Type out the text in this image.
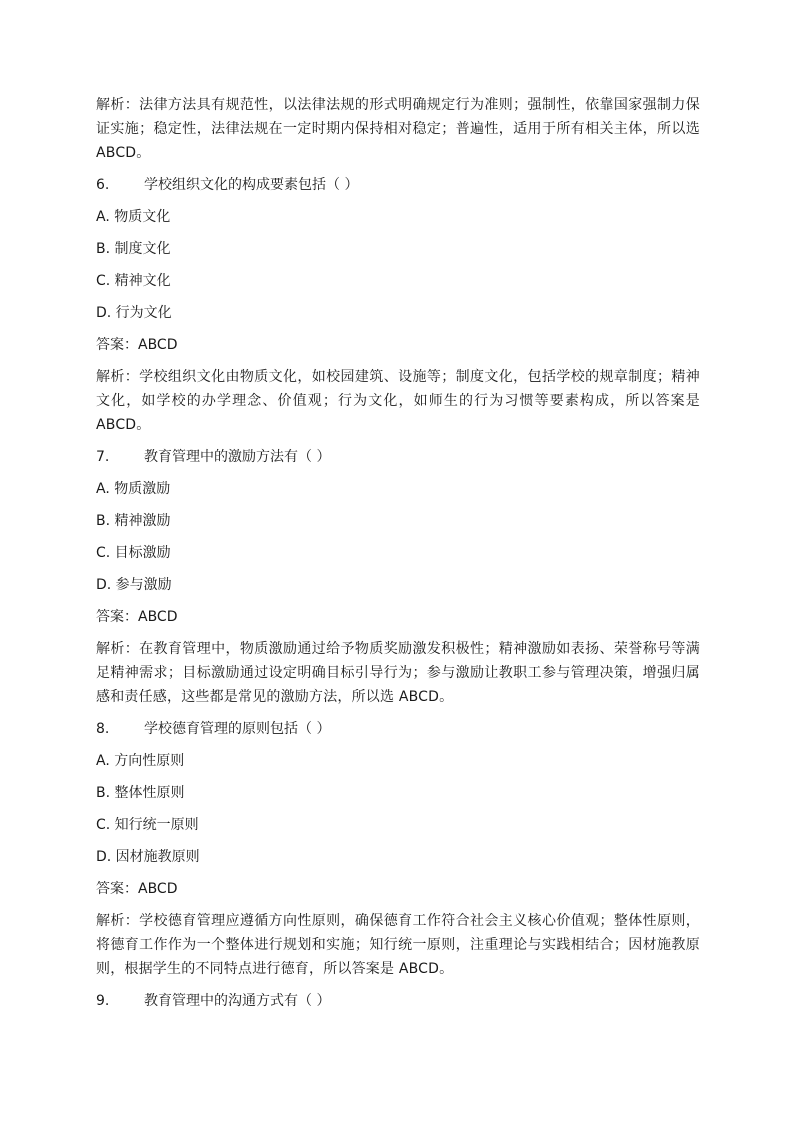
解析：法律方法具有规范性，以法律法规的形式明确规定行为准则；强制性，依靠国家强制力保证实施；稳定性，法律法规在一定时期内保持相对稳定；普遍性，适用于所有相关主体，所以选 ABCD。

6. 学校组织文化的构成要素包括（ ）

A. 物质文化

B. 制度文化

C. 精神文化

D. 行为文化

答案：ABCD

解析：学校组织文化由物质文化，如校园建筑、设施等；制度文化，包括学校的规章制度；精神文化，如学校的办学理念、价值观；行为文化，如师生的行为习惯等要素构成，所以答案是 ABCD。

7. 教育管理中的激励方法有（ ）

A. 物质激励

B. 精神激励

C. 目标激励

D. 参与激励

答案：ABCD

解析：在教育管理中，物质激励通过给予物质奖励激发积极性；精神激励如表扬、荣誉称号等满足精神需求；目标激励通过设定明确目标引导行为；参与激励让教职工参与管理决策，增强归属感和责任感，这些都是常见的激励方法，所以选 ABCD。

8. 学校德育管理的原则包括（ ）

A. 方向性原则

B. 整体性原则

C. 知行统一原则

D. 因材施教原则

答案：ABCD

解析：学校德育管理应遵循方向性原则，确保德育工作符合社会主义核心价值观；整体性原则，将德育工作作为一个整体进行规划和实施；知行统一原则，注重理论与实践相结合；因材施教原则，根据学生的不同特点进行德育，所以答案是 ABCD。

9. 教育管理中的沟通方式有（ ）
